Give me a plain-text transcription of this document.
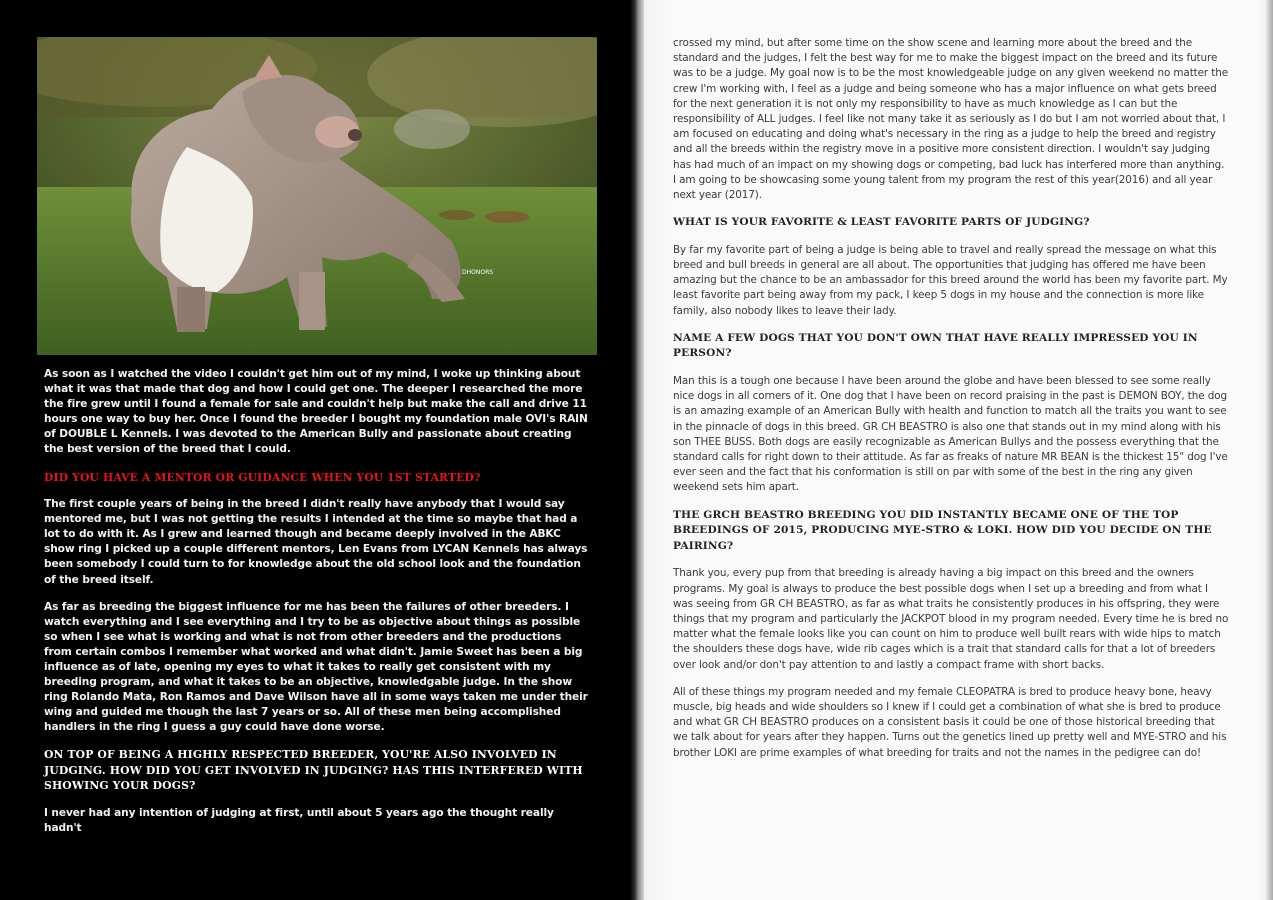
DHONORS

As soon as I watched the video I couldn't get him out of my mind, I woke up thinking about what it was that made that dog and how I could get one. The deeper I researched the more the fire grew until I found a female for sale and couldn't help but make the call and drive 11 hours one way to buy her. Once I found the breeder I bought my foundation male OVI's RAIN of DOUBLE L Kennels. I was devoted to the American Bully and passionate about creating the best version of the breed that I could.

DID YOU HAVE A MENTOR OR GUIDANCE WHEN YOU 1ST STARTED?

The first couple years of being in the breed I didn't really have anybody that I would say mentored me, but I was not getting the results I intended at the time so maybe that had a lot to do with it. As I grew and learned though and became deeply involved in the ABKC show ring I picked up a couple different mentors, Len Evans from LYCAN Kennels has always been somebody I could turn to for knowledge about the old school look and the foundation of the breed itself.

As far as breeding the biggest influence for me has been the failures of other breeders. I watch everything and I see everything and I try to be as objective about things as possible so when I see what is working and what is not from other breeders and the productions from certain combos I remember what worked and what didn't. Jamie Sweet has been a big influence as of late, opening my eyes to what it takes to really get consistent with my breeding program, and what it takes to be an objective, knowledgable judge. In the show ring Rolando Mata, Ron Ramos and Dave Wilson have all in some ways taken me under their wing and guided me though the last 7 years or so. All of these men being accomplished handlers in the ring I guess a guy could have done worse.

ON TOP OF BEING A HIGHLY RESPECTED BREEDER, YOU'RE ALSO INVOLVED IN JUDGING. HOW DID YOU GET INVOLVED IN JUDGING? HAS THIS INTERFERED WITH SHOWING YOUR DOGS?

I never had any intention of judging at first, until about 5 years ago the thought really hadn't

crossed my mind, but after some time on the show scene and learning more about the breed and the standard and the judges, I felt the best way for me to make the biggest impact on the breed and its future was to be a judge. My goal now is to be the most knowledgeable judge on any given weekend no matter the crew I'm working with, I feel as a judge and being someone who has a major influence on what gets breed for the next generation it is not only my responsibility to have as much knowledge as I can but the responsibility of ALL judges. I feel like not many take it as seriously as I do but I am not worried about that, I am focused on educating and doing what's necessary in the ring as a judge to help the breed and registry and all the breeds within the registry move in a positive more consistent direction. I wouldn't say judging has had much of an impact on my showing dogs or competing, bad luck has interfered more than anything. I am going to be showcasing some young talent from my program the rest of this year(2016) and all year next year (2017).

WHAT IS YOUR FAVORITE & LEAST FAVORITE PARTS OF JUDGING?

By far my favorite part of being a judge is being able to travel and really spread the message on what this breed and bull breeds in general are all about. The opportunities that judging has offered me have been amazing but the chance to be an ambassador for this breed around the world has been my favorite part. My least favorite part being away from my pack, I keep 5 dogs in my house and the connection is more like family, also nobody likes to leave their lady.

NAME A FEW DOGS THAT YOU DON'T OWN THAT HAVE REALLY IMPRESSED YOU IN PERSON?

Man this is a tough one because I have been around the globe and have been blessed to see some really nice dogs in all corners of it. One dog that I have been on record praising in the past is DEMON BOY, the dog is an amazing example of an American Bully with health and function to match all the traits you want to see in the pinnacle of dogs in this breed. GR CH BEASTRO is also one that stands out in my mind along with his son THEE BUSS. Both dogs are easily recognizable as American Bullys and the possess everything that the standard calls for right down to their attitude. As far as freaks of nature MR BEAN is the thickest 15" dog I've ever seen and the fact that his conformation is still on par with some of the best in the ring any given weekend sets him apart.

THE GRCH BEASTRO BREEDING YOU DID INSTANTLY BECAME ONE OF THE TOP BREEDINGS OF 2015, PRODUCING MYE-STRO & LOKI. HOW DID YOU DECIDE ON THE PAIRING?

Thank you, every pup from that breeding is already having a big impact on this breed and the owners programs. My goal is always to produce the best possible dogs when I set up a breeding and from what I was seeing from GR CH BEASTRO, as far as what traits he consistently produces in his offspring, they were things that my program and particularly the JACKPOT blood in my program needed. Every time he is bred no matter what the female looks like you can count on him to produce well built rears with wide hips to match the shoulders these dogs have, wide rib cages which is a trait that standard calls for that a lot of breeders over look and/or don't pay attention to and lastly a compact frame with short backs.

All of these things my program needed and my female CLEOPATRA is bred to produce heavy bone, heavy muscle, big heads and wide shoulders so I knew if I could get a combination of what she is bred to produce and what GR CH BEASTRO produces on a consistent basis it could be one of those historical breeding that we talk about for years after they happen. Turns out the genetics lined up pretty well and MYE-STRO and his brother LOKI are prime examples of what breeding for traits and not the names in the pedigree can do!
